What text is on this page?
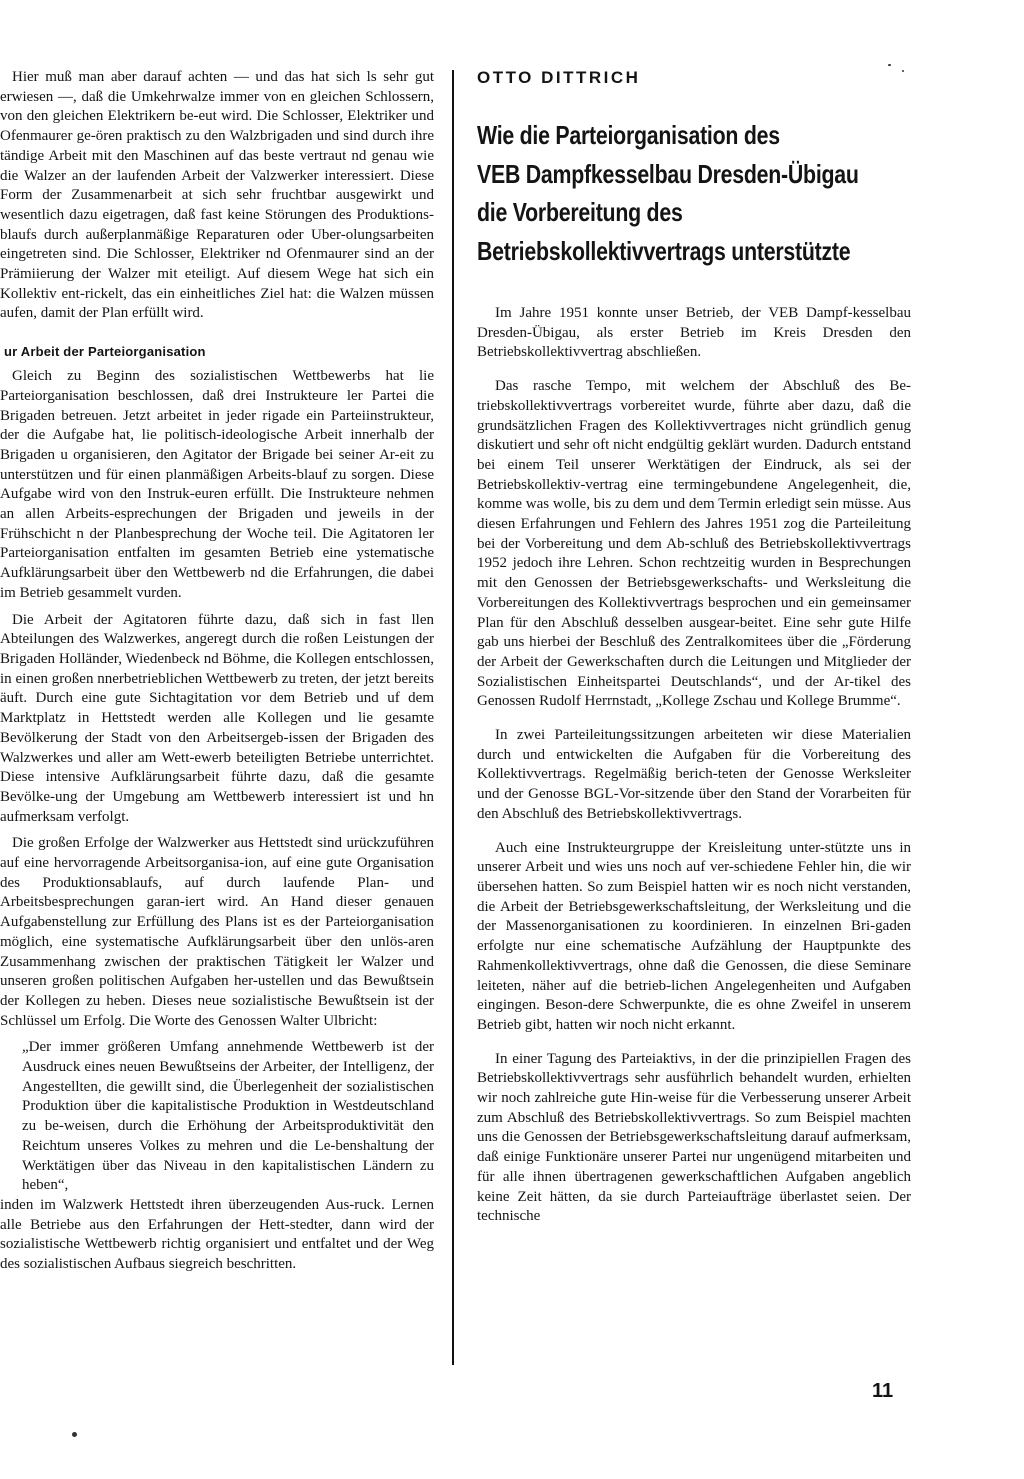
Hier muß man aber darauf achten — und das hat sich ls sehr gut erwiesen —, daß die Umkehrwalze immer von en gleichen Schlossern, von den gleichen Elektrikern be-eut wird. Die Schlosser, Elektriker und Ofenmaurer ge-ören praktisch zu den Walzbrigaden und sind durch ihre tändige Arbeit mit den Maschinen auf das beste vertraut nd genau wie die Walzer an der laufenden Arbeit der Valzwerker interessiert. Diese Form der Zusammenarbeit at sich sehr fruchtbar ausgewirkt und wesentlich dazu eigetragen, daß fast keine Störungen des Produktions-blaufs durch außerplanmäßige Reparaturen oder Uber-olungsarbeiten eingetreten sind. Die Schlosser, Elektriker nd Ofenmaurer sind an der Prämiierung der Walzer mit eteiligt. Auf diesem Wege hat sich ein Kollektiv ent-rickelt, das ein einheitliches Ziel hat: die Walzen müssen aufen, damit der Plan erfüllt wird.

ur Arbeit der Parteiorganisation

Gleich zu Beginn des sozialistischen Wettbewerbs hat lie Parteiorganisation beschlossen, daß drei Instrukteure ler Partei die Brigaden betreuen. Jetzt arbeitet in jeder rigade ein Parteiinstrukteur, der die Aufgabe hat, lie politisch-ideologische Arbeit innerhalb der Brigaden u organisieren, den Agitator der Brigade bei seiner Ar-eit zu unterstützen und für einen planmäßigen Arbeits-blauf zu sorgen. Diese Aufgabe wird von den Instruk-euren erfüllt. Die Instrukteure nehmen an allen Arbeits-esprechungen der Brigaden und jeweils in der Frühschicht n der Planbesprechung der Woche teil. Die Agitatoren ler Parteiorganisation entfalten im gesamten Betrieb eine ystematische Aufklärungsarbeit über den Wettbewerb nd die Erfahrungen, die dabei im Betrieb gesammelt vurden.

Die Arbeit der Agitatoren führte dazu, daß sich in fast llen Abteilungen des Walzwerkes, angeregt durch die roßen Leistungen der Brigaden Holländer, Wiedenbeck nd Böhme, die Kollegen entschlossen, in einen großen nnerbetrieblichen Wettbewerb zu treten, der jetzt bereits äuft. Durch eine gute Sichtagitation vor dem Betrieb und uf dem Marktplatz in Hettstedt werden alle Kollegen und lie gesamte Bevölkerung der Stadt von den Arbeitsergeb-issen der Brigaden des Walzwerkes und aller am Wett-ewerb beteiligten Betriebe unterrichtet. Diese intensive Aufklärungsarbeit führte dazu, daß die gesamte Bevölke-ung der Umgebung am Wettbewerb interessiert ist und hn aufmerksam verfolgt.

Die großen Erfolge der Walzwerker aus Hettstedt sind urückzuführen auf eine hervorragende Arbeitsorganisa-ion, auf eine gute Organisation des Produktionsablaufs, auf durch laufende Plan- und Arbeitsbesprechungen garan-iert wird. An Hand dieser genauen Aufgabenstellung zur Erfüllung des Plans ist es der Parteiorganisation möglich, eine systematische Aufklärungsarbeit über den unlös-aren Zusammenhang zwischen der praktischen Tätigkeit ler Walzer und unseren großen politischen Aufgaben her-ustellen und das Bewußtsein der Kollegen zu heben. Dieses neue sozialistische Bewußtsein ist der Schlüssel um Erfolg. Die Worte des Genossen Walter Ulbricht:

„Der immer größeren Umfang annehmende Wettbewerb ist der Ausdruck eines neuen Bewußtseins der Arbeiter, der Intelligenz, der Angestellten, die gewillt sind, die Überlegenheit der sozialistischen Produktion über die kapitalistische Produktion in Westdeutschland zu be-weisen, durch die Erhöhung der Arbeitsproduktivität den Reichtum unseres Volkes zu mehren und die Le-benshaltung der Werktätigen über das Niveau in den kapitalistischen Ländern zu heben“,

inden im Walzwerk Hettstedt ihren überzeugenden Aus-ruck. Lernen alle Betriebe aus den Erfahrungen der Hett-stedter, dann wird der sozialistische Wettbewerb richtig organisiert und entfaltet und der Weg des sozialistischen Aufbaus siegreich beschritten.

OTTO DITTRICH
Wie die Parteiorganisation des
VEB Dampfkesselbau Dresden-Übigau
die Vorbereitung des
Betriebskollektivvertrags unterstützte

Im Jahre 1951 konnte unser Betrieb, der VEB Dampf-kesselbau Dresden-Übigau, als erster Betrieb im Kreis Dresden den Betriebskollektivvertrag abschließen.

Das rasche Tempo, mit welchem der Abschluß des Be-triebskollektivvertrags vorbereitet wurde, führte aber dazu, daß die grundsätzlichen Fragen des Kollektivvertrages nicht gründlich genug diskutiert und sehr oft nicht endgültig geklärt wurden. Dadurch entstand bei einem Teil unserer Werktätigen der Eindruck, als sei der Betriebskollektiv-vertrag eine termingebundene Angelegenheit, die, komme was wolle, bis zu dem und dem Termin erledigt sein müsse. Aus diesen Erfahrungen und Fehlern des Jahres 1951 zog die Parteileitung bei der Vorbereitung und dem Ab-schluß des Betriebskollektivvertrags 1952 jedoch ihre Lehren. Schon rechtzeitig wurden in Besprechungen mit den Genossen der Betriebsgewerkschafts- und Werksleitung die Vorbereitungen des Kollektivvertrags besprochen und ein gemeinsamer Plan für den Abschluß desselben ausgear-beitet. Eine sehr gute Hilfe gab uns hierbei der Beschluß des Zentralkomitees über die „Förderung der Arbeit der Gewerkschaften durch die Leitungen und Mitglieder der Sozialistischen Einheitspartei Deutschlands“, und der Ar-tikel des Genossen Rudolf Herrnstadt, „Kollege Zschau und Kollege Brumme“.

In zwei Parteileitungssitzungen arbeiteten wir diese Materialien durch und entwickelten die Aufgaben für die Vorbereitung des Kollektivvertrags. Regelmäßig berich-teten der Genosse Werksleiter und der Genosse BGL-Vor-sitzende über den Stand der Vorarbeiten für den Abschluß des Betriebskollektivvertrags.

Auch eine Instrukteurgruppe der Kreisleitung unter-stützte uns in unserer Arbeit und wies uns noch auf ver-schiedene Fehler hin, die wir übersehen hatten. So zum Beispiel hatten wir es noch nicht verstanden, die Arbeit der Betriebsgewerkschaftsleitung, der Werksleitung und die der Massenorganisationen zu koordinieren. In einzelnen Bri-gaden erfolgte nur eine schematische Aufzählung der Hauptpunkte des Rahmenkollektivvertrags, ohne daß die Genossen, die diese Seminare leiteten, näher auf die betrieb-lichen Angelegenheiten und Aufgaben eingingen. Beson-dere Schwerpunkte, die es ohne Zweifel in unserem Betrieb gibt, hatten wir noch nicht erkannt.

In einer Tagung des Parteiaktivs, in der die prinzipiellen Fragen des Betriebskollektivvertrags sehr ausführlich behandelt wurden, erhielten wir noch zahlreiche gute Hin-weise für die Verbesserung unserer Arbeit zum Abschluß des Betriebskollektivvertrags. So zum Beispiel machten uns die Genossen der Betriebsgewerkschaftsleitung darauf aufmerksam, daß einige Funktionäre unserer Partei nur ungenügend mitarbeiten und für alle ihnen übertragenen gewerkschaftlichen Aufgaben angeblich keine Zeit hätten, da sie durch Parteiaufträge überlastet seien. Der technische

11
